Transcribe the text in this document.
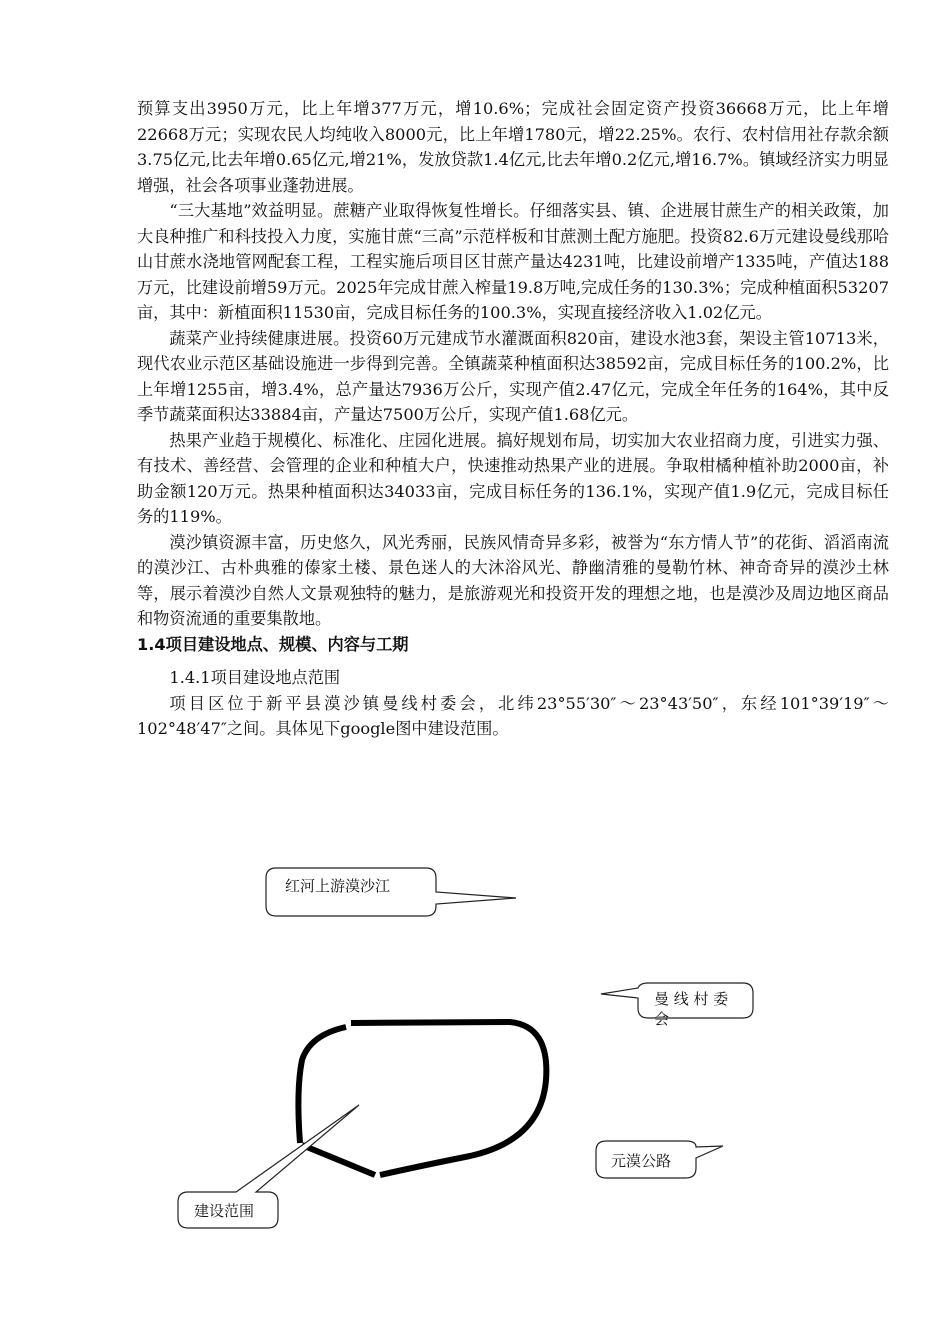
预算支出3950万元，比上年增377万元，增10.6%；完成社会固定资产投资36668万元，比上年增22668万元；实现农民人均纯收入8000元，比上年增1780元，增22.25%。农行、农村信用社存款余额3.75亿元,比去年增0.65亿元,增21%，发放贷款1.4亿元,比去年增0.2亿元,增16.7%。镇域经济实力明显增强，社会各项事业蓬勃进展。

“三大基地”效益明显。蔗糖产业取得恢复性增长。仔细落实县、镇、企进展甘蔗生产的相关政策，加大良种推广和科技投入力度，实施甘蔗“三高”示范样板和甘蔗测土配方施肥。投资82.6万元建设曼线那哈山甘蔗水浇地管网配套工程，工程实施后项目区甘蔗产量达4231吨，比建设前增产1335吨，产值达188万元，比建设前增59万元。2025年完成甘蔗入榨量19.8万吨,完成任务的130.3%；完成种植面积53207亩，其中：新植面积11530亩，完成目标任务的100.3%，实现直接经济收入1.02亿元。

蔬菜产业持续健康进展。投资60万元建成节水灌溉面积820亩，建设水池3套，架设主管10713米，现代农业示范区基础设施进一步得到完善。全镇蔬菜种植面积达38592亩，完成目标任务的100.2%，比上年增1255亩，增3.4%，总产量达7936万公斤，实现产值2.47亿元，完成全年任务的164%，其中反季节蔬菜面积达33884亩，产量达7500万公斤，实现产值1.68亿元。

热果产业趋于规模化、标准化、庄园化进展。搞好规划布局，切实加大农业招商力度，引进实力强、有技术、善经营、会管理的企业和种植大户，快速推动热果产业的进展。争取柑橘种植补助2000亩，补助金额120万元。热果种植面积达34033亩，完成目标任务的136.1%，实现产值1.9亿元，完成目标任务的119%。

漠沙镇资源丰富，历史悠久，风光秀丽，民族风情奇异多彩，被誉为“东方情人节”的花街、滔滔南流的漠沙江、古朴典雅的傣家土楼、景色迷人的大沐浴风光、静幽清雅的曼勒竹林、神奇奇异的漠沙土林等，展示着漠沙自然人文景观独特的魅力，是旅游观光和投资开发的理想之地，也是漠沙及周边地区商品和物资流通的重要集散地。

1.4项目建设地点、规模、内容与工期

1.4.1项目建设地点范围

项目区位于新平县漠沙镇曼线村委会，北纬23°55′30″～23°43′50″，东经101°39′19″～102°48′47″之间。具体见下google图中建设范围。

红河上游漠沙江
曼 线 村 委
会
元漠公路
建设范围
